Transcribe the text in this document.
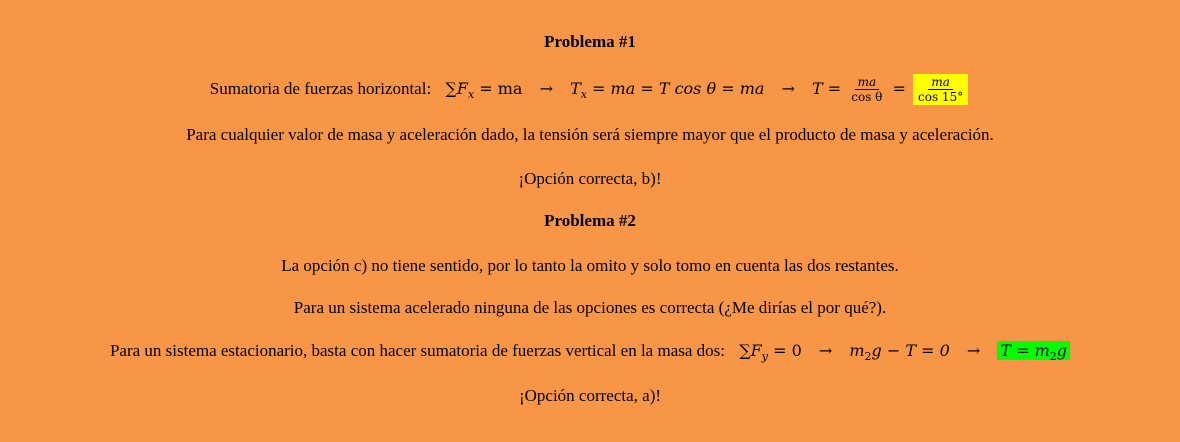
Problema #1
Sumatoria de fuerzas horizontal: $\sum F_x$ = ma → $T_x$ = ma = T cos θ = ma → $T = \frac{ma}{\text{cos θ}} = \frac{ma}{\cos 15^\circ}$
Para cualquier valor de masa y aceleración dado, la tensión será siempre mayor que el producto de masa y aceleración.
¡Opción correcta, b)!
Problema #2
La opción c) no tiene sentido, por lo tanto la omito y solo tomo en cuenta las dos restantes.
Para un sistema acelerado ninguna de las opciones es correcta (¿Me dirías el por qué?).
Para un sistema estacionario, basta con hacer sumatoria de fuerzas vertical en la masa dos: $\sum F_y = 0 \to m_2g - T = 0 \to T = m_2g$
¡Opción correcta, a)!
